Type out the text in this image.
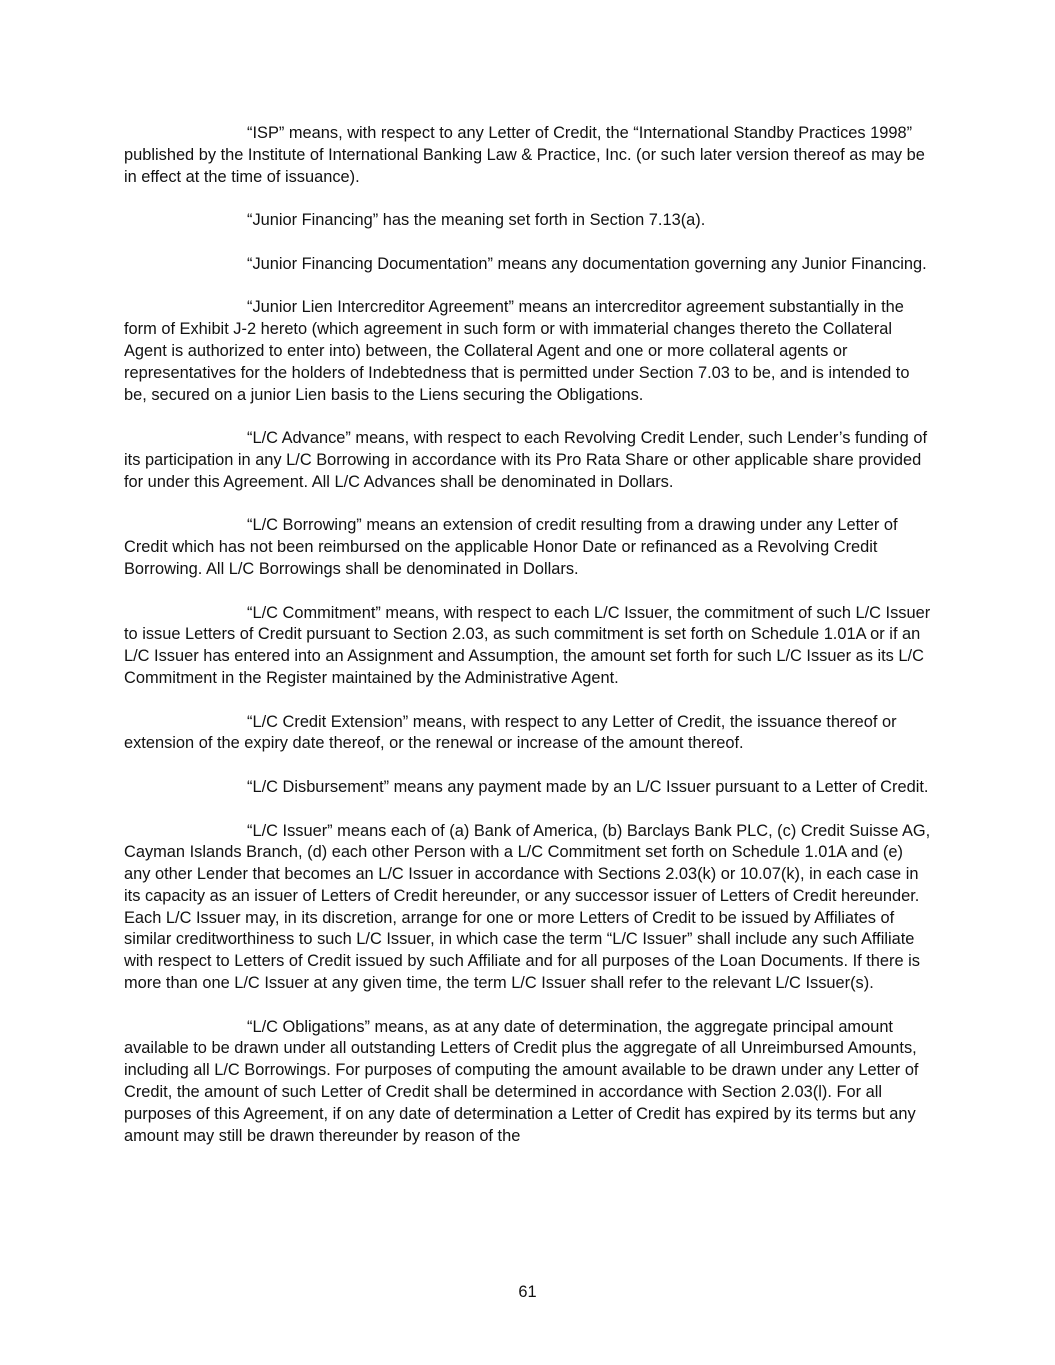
“ISP” means, with respect to any Letter of Credit, the “International Standby Practices 1998” published by the Institute of International Banking Law & Practice, Inc. (or such later version thereof as may be in effect at the time of issuance).

“Junior Financing” has the meaning set forth in Section 7.13(a).

“Junior Financing Documentation” means any documentation governing any Junior Financing.

“Junior Lien Intercreditor Agreement” means an intercreditor agreement substantially in the form of Exhibit J-2 hereto (which agreement in such form or with immaterial changes thereto the Collateral Agent is authorized to enter into) between, the Collateral Agent and one or more collateral agents or representatives for the holders of Indebtedness that is permitted under Section 7.03 to be, and is intended to be, secured on a junior Lien basis to the Liens securing the Obligations.

“L/C Advance” means, with respect to each Revolving Credit Lender, such Lender’s funding of its participation in any L/C Borrowing in accordance with its Pro Rata Share or other applicable share provided for under this Agreement. All L/C Advances shall be denominated in Dollars.

“L/C Borrowing” means an extension of credit resulting from a drawing under any Letter of Credit which has not been reimbursed on the applicable Honor Date or refinanced as a Revolving Credit Borrowing. All L/C Borrowings shall be denominated in Dollars.

“L/C Commitment” means, with respect to each L/C Issuer, the commitment of such L/C Issuer to issue Letters of Credit pursuant to Section 2.03, as such commitment is set forth on Schedule 1.01A or if an L/C Issuer has entered into an Assignment and Assumption, the amount set forth for such L/C Issuer as its L/C Commitment in the Register maintained by the Administrative Agent.

“L/C Credit Extension” means, with respect to any Letter of Credit, the issuance thereof or extension of the expiry date thereof, or the renewal or increase of the amount thereof.

“L/C Disbursement” means any payment made by an L/C Issuer pursuant to a Letter of Credit.

“L/C Issuer” means each of (a) Bank of America, (b) Barclays Bank PLC, (c) Credit Suisse AG, Cayman Islands Branch, (d) each other Person with a L/C Commitment set forth on Schedule 1.01A and (e) any other Lender that becomes an L/C Issuer in accordance with Sections 2.03(k) or 10.07(k), in each case in its capacity as an issuer of Letters of Credit hereunder, or any successor issuer of Letters of Credit hereunder. Each L/C Issuer may, in its discretion, arrange for one or more Letters of Credit to be issued by Affiliates of similar creditworthiness to such L/C Issuer, in which case the term “L/C Issuer” shall include any such Affiliate with respect to Letters of Credit issued by such Affiliate and for all purposes of the Loan Documents. If there is more than one L/C Issuer at any given time, the term L/C Issuer shall refer to the relevant L/C Issuer(s).

“L/C Obligations” means, as at any date of determination, the aggregate principal amount available to be drawn under all outstanding Letters of Credit plus the aggregate of all Unreimbursed Amounts, including all L/C Borrowings. For purposes of computing the amount available to be drawn under any Letter of Credit, the amount of such Letter of Credit shall be determined in accordance with Section 2.03(l). For all purposes of this Agreement, if on any date of determination a Letter of Credit has expired by its terms but any amount may still be drawn thereunder by reason of the

61
